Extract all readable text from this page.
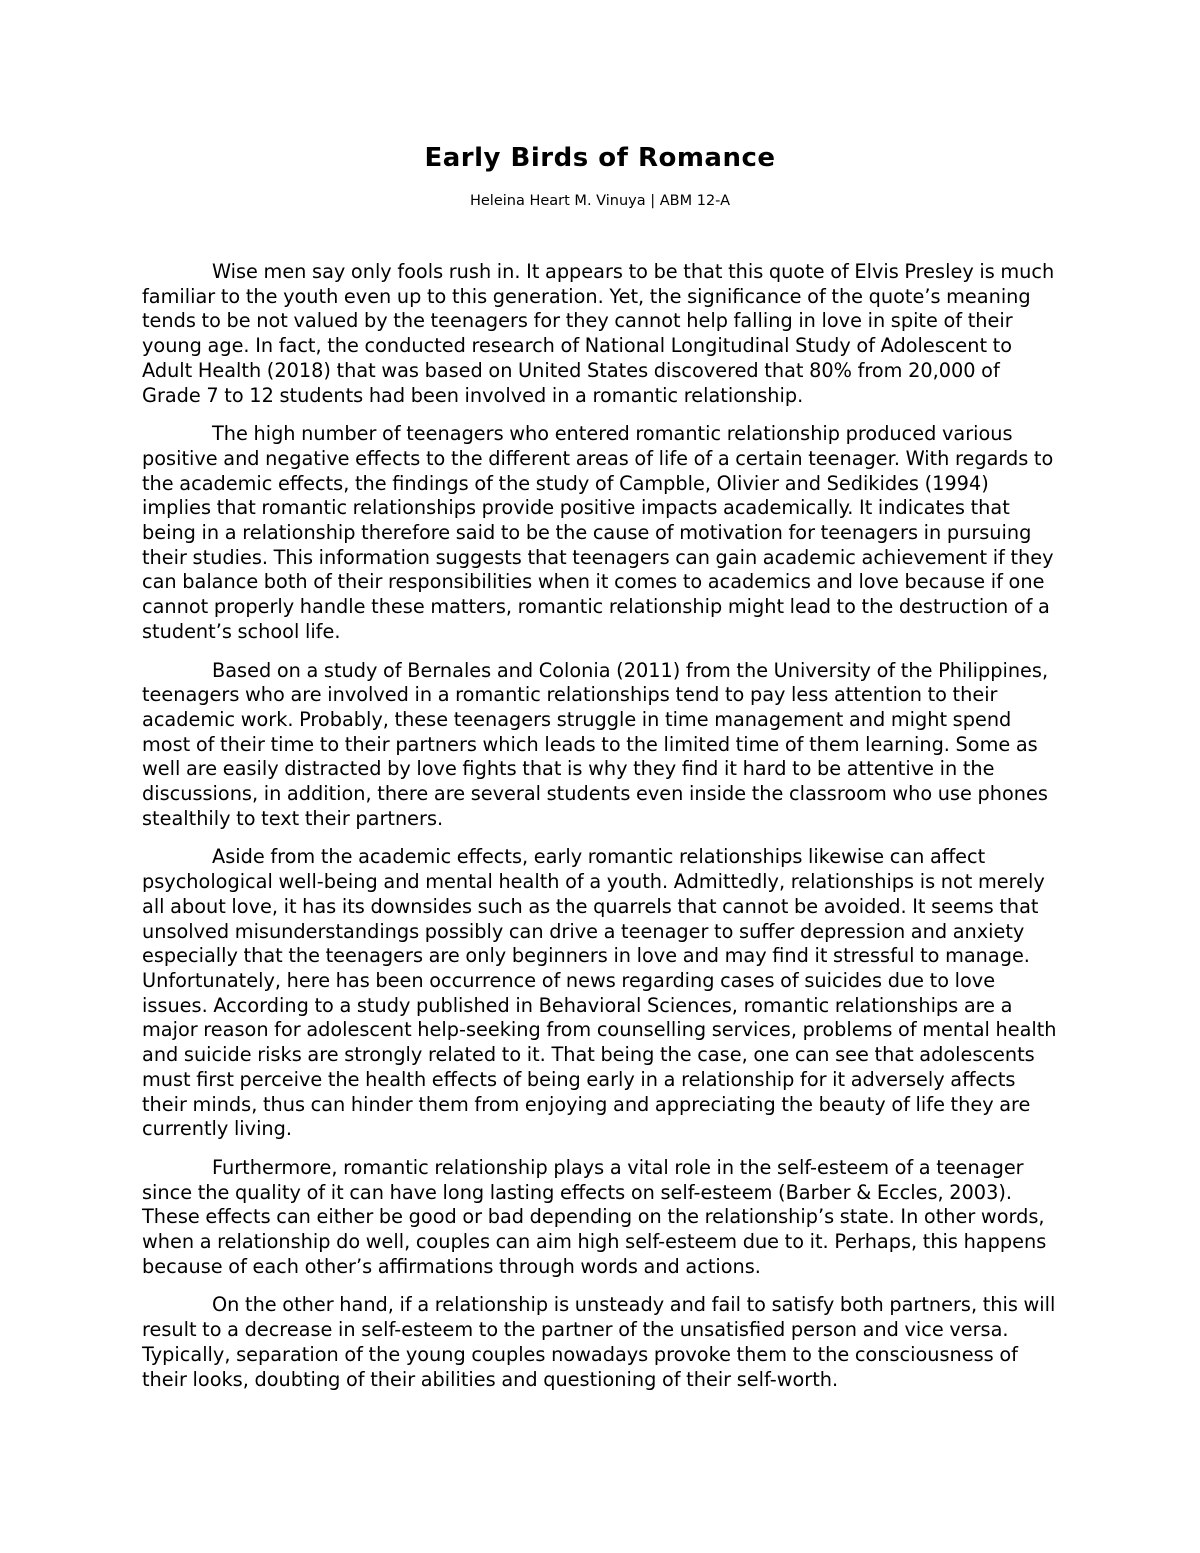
Early Birds of Romance
Heleina Heart M. Vinuya | ABM 12-A

Wise men say only fools rush in. It appears to be that this quote of Elvis Presley is much familiar to the youth even up to this generation. Yet, the significance of the quote’s meaning tends to be not valued by the teenagers for they cannot help falling in love in spite of their young age. In fact, the conducted research of National Longitudinal Study of Adolescent to Adult Health (2018) that was based on United States discovered that 80% from 20,000 of Grade 7 to 12 students had been involved in a romantic relationship.

The high number of teenagers who entered romantic relationship produced various positive and negative effects to the different areas of life of a certain teenager. With regards to the academic effects, the findings of the study of Campble, Olivier and Sedikides (1994) implies that romantic relationships provide positive impacts academically. It indicates that being in a relationship therefore said to be the cause of motivation for teenagers in pursuing their studies. This information suggests that teenagers can gain academic achievement if they can balance both of their responsibilities when it comes to academics and love because if one cannot properly handle these matters, romantic relationship might lead to the destruction of a student’s school life.

Based on a study of Bernales and Colonia (2011) from the University of the Philippines, teenagers who are involved in a romantic relationships tend to pay less attention to their academic work. Probably, these teenagers struggle in time management and might spend most of their time to their partners which leads to the limited time of them learning. Some as well are easily distracted by love fights that is why they find it hard to be attentive in the discussions, in addition, there are several students even inside the classroom who use phones stealthily to text their partners.

Aside from the academic effects, early romantic relationships likewise can affect psychological well-being and mental health of a youth. Admittedly, relationships is not merely all about love, it has its downsides such as the quarrels that cannot be avoided. It seems that unsolved misunderstandings possibly can drive a teenager to suffer depression and anxiety especially that the teenagers are only beginners in love and may find it stressful to manage. Unfortunately, here has been occurrence of news regarding cases of suicides due to love issues. According to a study published in Behavioral Sciences, romantic relationships are a major reason for adolescent help-seeking from counselling services, problems of mental health and suicide risks are strongly related to it. That being the case, one can see that adolescents must first perceive the health effects of being early in a relationship for it adversely affects their minds, thus can hinder them from enjoying and appreciating the beauty of life they are currently living.

Furthermore, romantic relationship plays a vital role in the self-esteem of a teenager since the quality of it can have long lasting effects on self-esteem (Barber & Eccles, 2003). These effects can either be good or bad depending on the relationship’s state. In other words, when a relationship do well, couples can aim high self-esteem due to it. Perhaps, this happens because of each other’s affirmations through words and actions.

On the other hand, if a relationship is unsteady and fail to satisfy both partners, this will result to a decrease in self-esteem to the partner of the unsatisfied person and vice versa. Typically, separation of the young couples nowadays provoke them to the consciousness of their looks, doubting of their abilities and questioning of their self-worth.
